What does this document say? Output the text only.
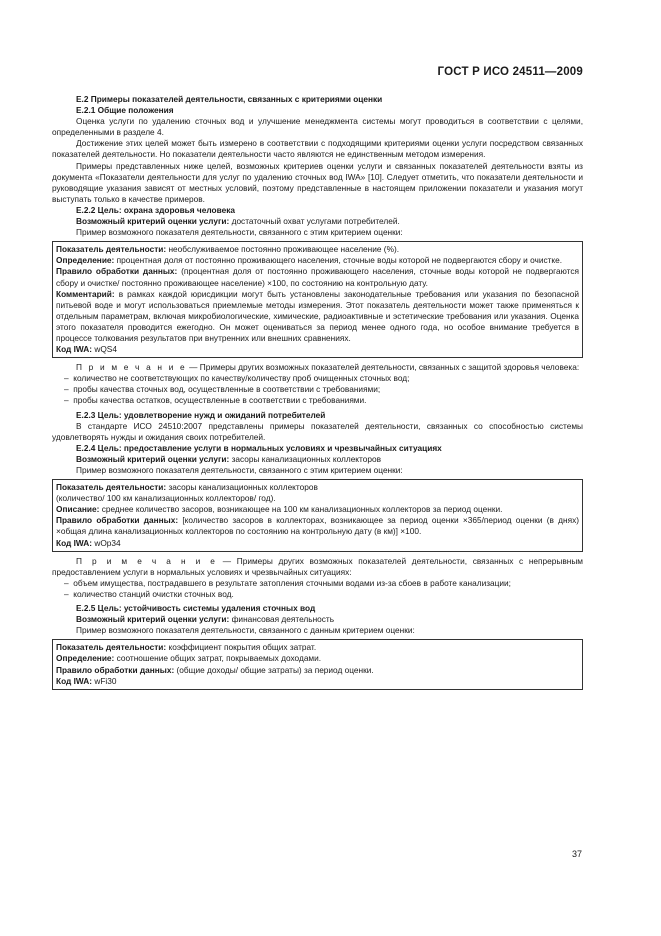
ГОСТ Р ИСО 24511—2009

Е.2 Примеры показателей деятельности, связанных с критериями оценки

Е.2.1 Общие положения

Оценка услуги по удалению сточных вод и улучшение менеджмента системы могут проводиться в соответствии с целями, определенными в разделе 4.

Достижение этих целей может быть измерено в соответствии с подходящими критериями оценки услуги посредством связанных показателей деятельности. Но показатели деятельности часто являются не единственным методом измерения.

Примеры представленных ниже целей, возможных критериев оценки услуги и связанных показателей деятельности взяты из документа «Показатели деятельности для услуг по удалению сточных вод IWA» [10]. Следует отметить, что показатели деятельности и руководящие указания зависят от местных условий, поэтому представленные в настоящем приложении показатели и указания могут выступать только в качестве примеров.

Е.2.2 Цель: охрана здоровья человека

Возможный критерий оценки услуги: достаточный охват услугами потребителей.

Пример возможного показателя деятельности, связанного с этим критерием оценки:

Показатель деятельности: необслуживаемое постоянно проживающее население (%).

Определение: процентная доля от постоянно проживающего населения, сточные воды которой не подвергаются сбору и очистке.

Правило обработки данных: (процентная доля от постоянно проживающего населения, сточные воды которой не подвергаются сбору и очистке/ постоянно проживающее население) ×100, по состоянию на контрольную дату.

Комментарий: в рамках каждой юрисдикции могут быть установлены законодательные требования или указания по безопасной питьевой воде и могут использоваться приемлемые методы измерения. Этот показатель деятельности может также применяться к отдельным параметрам, включая микробиологические, химические, радиоактивные и эстетические требования или указания. Оценка этого показателя проводится ежегодно. Он может оцениваться за период менее одного года, но особое внимание требуется в процессе толкования результатов при внутренних или внешних сравнениях.

Код IWA: wQS4

П р и м е ч а н и е — Примеры других возможных показателей деятельности, связанных с защитой здоровья человека:

–  количество не соответствующих по качеству/количеству проб очищенных сточных вод;

–  пробы качества сточных вод, осуществленные в соответствии с требованиями;

–  пробы качества остатков, осуществленные в соответствии с требованиями.

Е.2.3 Цель: удовлетворение нужд и ожиданий потребителей

В стандарте ИСО 24510:2007 представлены примеры показателей деятельности, связанных со способностью системы удовлетворять нужды и ожидания своих потребителей.

Е.2.4 Цель: предоставление услуги в нормальных условиях и чрезвычайных ситуациях

Возможный критерий оценки услуги: засоры канализационных коллекторов

Пример возможного показателя деятельности, связанного с этим критерием оценки:

Показатель деятельности: засоры канализационных коллекторов

(количество/ 100 км канализационных коллекторов/ год).

Описание: среднее количество засоров, возникающее на 100 км канализационных коллекторов за период оценки.

Правило обработки данных: [количество засоров в коллекторах, возникающее за период оценки ×365/период оценки (в днях) ×общая длина канализационных коллекторов по состоянию на контрольную дату (в км)] ×100.

Код IWA: wOp34

П р и м е ч а н и е — Примеры других возможных показателей деятельности, связанных с непрерывным предоставлением услуги в нормальных условиях и чрезвычайных ситуациях:

–  объем имущества, пострадавшего в результате затопления сточными водами из-за сбоев в работе канализации;

–  количество станций очистки сточных вод.

Е.2.5 Цель: устойчивость системы удаления сточных вод

Возможный критерий оценки услуги: финансовая деятельность

Пример возможного показателя деятельности, связанного с данным критерием оценки:

Показатель деятельности: коэффициент покрытия общих затрат.

Определение: соотношение общих затрат, покрываемых доходами.

Правило обработки данных: (общие доходы/ общие затраты) за период оценки.

Код IWA: wFi30

37
